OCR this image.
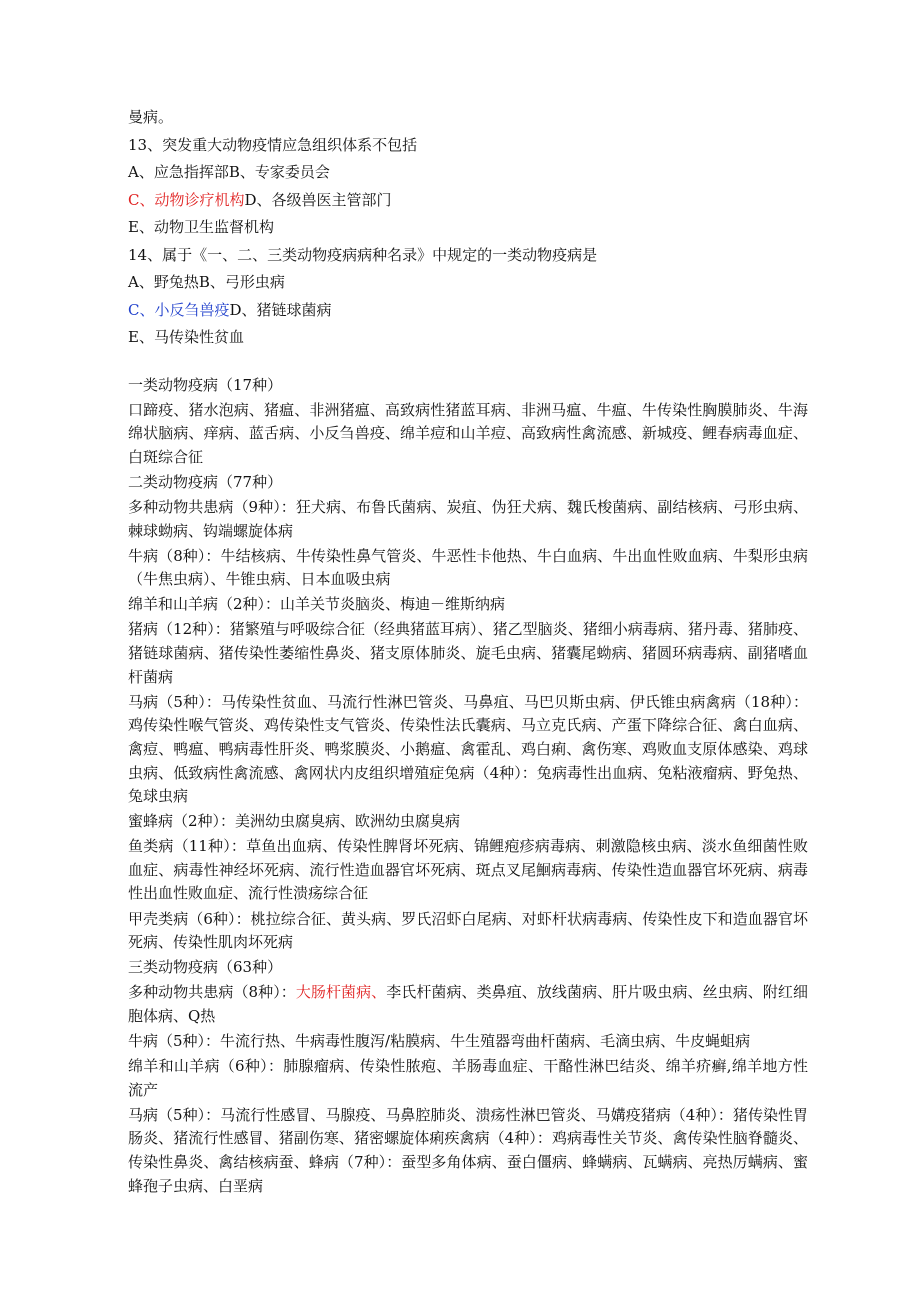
曼病。
13、突发重大动物疫情应急组织体系不包括
A、应急指挥部B、专家委员会
C、动物诊疗机构D、各级兽医主管部门
E、动物卫生监督机构
14、属于《一、二、三类动物疫病病种名录》中规定的一类动物疫病是
A、野兔热B、弓形虫病
C、小反刍兽疫D、猪链球菌病
E、马传染性贫血
一类动物疫病（17种）
口蹄疫、猪水泡病、猪瘟、非洲猪瘟、高致病性猪蓝耳病、非洲马瘟、牛瘟、牛传染性胸膜肺炎、牛海绵状脑病、痒病、蓝舌病、小反刍兽疫、绵羊痘和山羊痘、高致病性禽流感、新城疫、鲤春病毒血症、白斑综合征
二类动物疫病（77种）
多种动物共患病（9种）：狂犬病、布鲁氏菌病、炭疽、伪狂犬病、魏氏梭菌病、副结核病、弓形虫病、棘球蚴病、钩端螺旋体病
牛病（8种）：牛结核病、牛传染性鼻气管炎、牛恶性卡他热、牛白血病、牛出血性败血病、牛梨形虫病（牛焦虫病）、牛锥虫病、日本血吸虫病
绵羊和山羊病（2种）：山羊关节炎脑炎、梅迪－维斯纳病
猪病（12种）：猪繁殖与呼吸综合征（经典猪蓝耳病）、猪乙型脑炎、猪细小病毒病、猪丹毒、猪肺疫、猪链球菌病、猪传染性萎缩性鼻炎、猪支原体肺炎、旋毛虫病、猪囊尾蚴病、猪圆环病毒病、副猪嗜血杆菌病
马病（5种）：马传染性贫血、马流行性淋巴管炎、马鼻疽、马巴贝斯虫病、伊氏锥虫病禽病（18种）：鸡传染性喉气管炎、鸡传染性支气管炎、传染性法氏囊病、马立克氏病、产蛋下降综合征、禽白血病、禽痘、鸭瘟、鸭病毒性肝炎、鸭浆膜炎、小鹅瘟、禽霍乱、鸡白痢、禽伤寒、鸡败血支原体感染、鸡球虫病、低致病性禽流感、禽网状内皮组织增殖症兔病（4种）：兔病毒性出血病、兔粘液瘤病、野兔热、兔球虫病
蜜蜂病（2种）：美洲幼虫腐臭病、欧洲幼虫腐臭病
鱼类病（11种）：草鱼出血病、传染性脾肾坏死病、锦鲤疱疹病毒病、刺激隐核虫病、淡水鱼细菌性败血症、病毒性神经坏死病、流行性造血器官坏死病、斑点叉尾鮰病毒病、传染性造血器官坏死病、病毒性出血性败血症、流行性溃疡综合征
甲壳类病（6种）：桃拉综合征、黄头病、罗氏沼虾白尾病、对虾杆状病毒病、传染性皮下和造血器官坏死病、传染性肌肉坏死病
三类动物疫病（63种）
多种动物共患病（8种）：大肠杆菌病、李氏杆菌病、类鼻疽、放线菌病、肝片吸虫病、丝虫病、附红细胞体病、Q热
牛病（5种）：牛流行热、牛病毒性腹泻/粘膜病、牛生殖器弯曲杆菌病、毛滴虫病、牛皮蝇蛆病
绵羊和山羊病（6种）：肺腺瘤病、传染性脓疱、羊肠毒血症、干酪性淋巴结炎、绵羊疥癣,绵羊地方性流产
马病（5种）：马流行性感冒、马腺疫、马鼻腔肺炎、溃疡性淋巴管炎、马媾疫猪病（4种）：猪传染性胃肠炎、猪流行性感冒、猪副伤寒、猪密螺旋体痢疾禽病（4种）：鸡病毒性关节炎、禽传染性脑脊髓炎、传染性鼻炎、禽结核病蚕、蜂病（7种）：蚕型多角体病、蚕白僵病、蜂螨病、瓦螨病、亮热厉螨病、蜜蜂孢子虫病、白垩病
